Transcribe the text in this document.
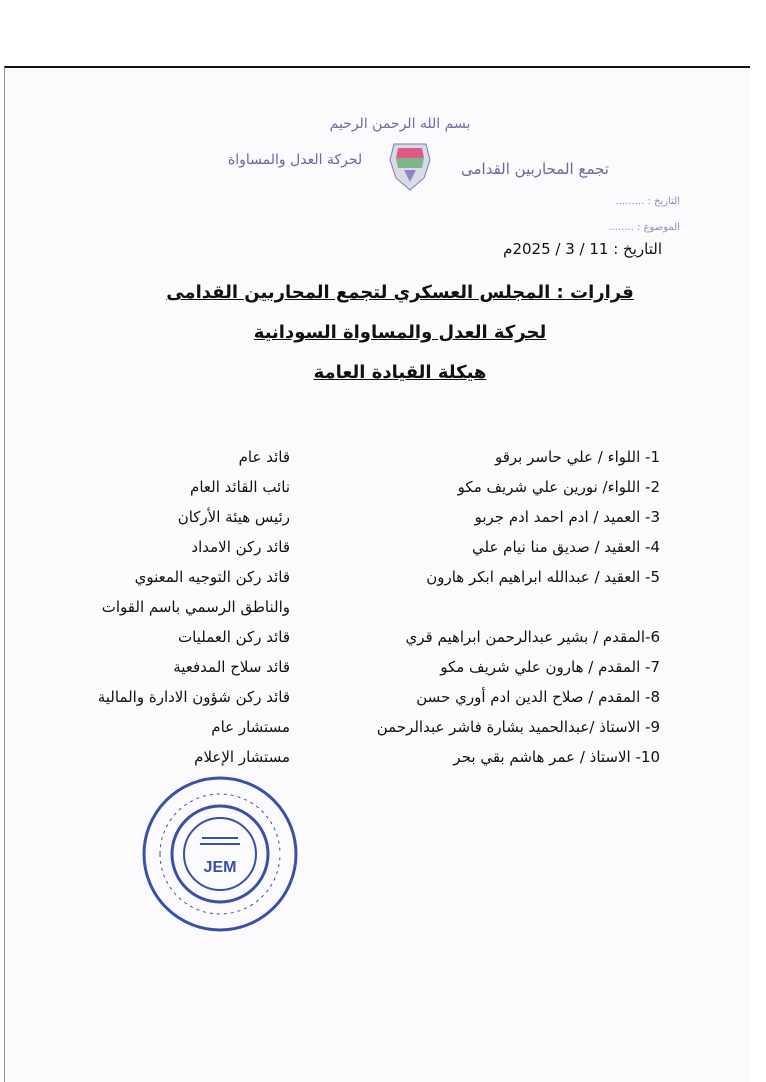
بسم الله الرحمن الرحيم
تجمع المحاربين القدامى
لحركة العدل والمساواة
التاريخ : .........
الموضوع : ........
التاريخ : 11 / 3 / 2025م
قرارات : المجلس العسكري لتجمع المحاربين القدامى
لحركة العدل والمساواة السودانية
هيكلة القيادة العامة
1- اللواء / علي حاسر برقو
قائد عام
2- اللواء/ نورين علي شريف مكو
نائب القائد العام
3- العميد / ادم احمد ادم جربو
رئيس هيئة الأركان
4- العقيد / صديق منا نيام علي
قائد ركن الامداد
5- العقيد / عبدالله ابراهيم ابكر هارون
قائد ركن التوجيه المعنوي
والناطق الرسمي باسم القوات
6-المقدم / بشير عبدالرحمن ابراهيم قري
قائد ركن العمليات
7- المقدم / هارون علي شريف مكو
قائد سلاح المدفعية
8- المقدم / صلاح الدين ادم أوري حسن
قائد ركن شؤون الادارة والمالية
9- الاستاذ /عبدالحميد بشارة فاشر عبدالرحمن
مستشار عام
10- الاستاذ / عمر هاشم بقي بحر
مستشار الإعلام
JEM
